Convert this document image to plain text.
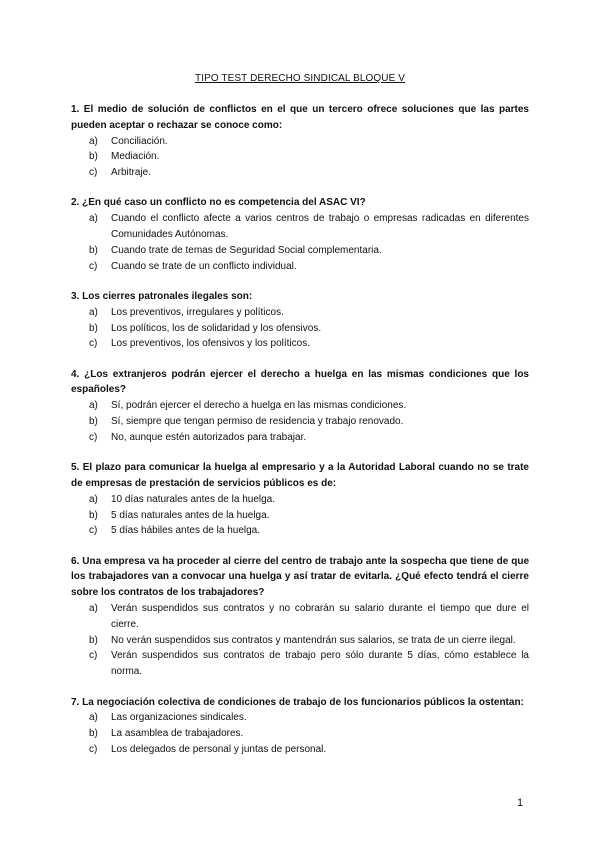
TIPO TEST DERECHO SINDICAL BLOQUE V
1. El medio de solución de conflictos en el que un tercero ofrece soluciones que las partes pueden aceptar o rechazar se conoce como:
a)	Conciliación.
b)	Mediación.
c)	Arbitraje.
2. ¿En qué caso un conflicto no es competencia del ASAC VI?
a)	Cuando el conflicto afecte a varios centros de trabajo o empresas radicadas en diferentes Comunidades Autónomas.
b)	Cuando trate de temas de Seguridad Social complementaria.
c)	Cuando se trate de un conflicto individual.
3. Los cierres patronales ilegales son:
a)	Los preventivos, irregulares y políticos.
b)	Los políticos, los de solidaridad y los ofensivos.
c)	Los preventivos, los ofensivos y los políticos.
4. ¿Los extranjeros podrán ejercer el derecho a huelga en las mismas condiciones que los españoles?
a)	Sí, podrán ejercer el derecho a huelga en las mismas condiciones.
b)	Sí, siempre que tengan permiso de residencia y trabajo renovado.
c)	No, aunque estén autorizados para trabajar.
5. El plazo para comunicar la huelga al empresario y a la Autoridad Laboral cuando no se trate de empresas de prestación de servicios públicos es de:
a)	10 días naturales antes de la huelga.
b)	5 días naturales antes de la huelga.
c)	5 días hábiles antes de la huelga.
6. Una empresa va ha proceder al cierre del centro de trabajo ante la sospecha que tiene de que los trabajadores van a convocar una huelga y así tratar de evitarla. ¿Qué efecto tendrá el cierre sobre los contratos de los trabajadores?
a)	Verán suspendidos sus contratos y no cobrarán su salario durante el tiempo que dure el cierre.
b)	No verán suspendidos sus contratos y mantendrán sus salarios, se trata de un cierre ilegal.
c)	Verán suspendidos sus contratos de trabajo pero sólo durante 5 días, cómo establece la norma.
7. La negociación colectiva de condiciones de trabajo de los funcionarios públicos la ostentan:
a)	Las organizaciones sindicales.
b)	La asamblea de trabajadores.
c)	Los delegados de personal y juntas de personal.
1
